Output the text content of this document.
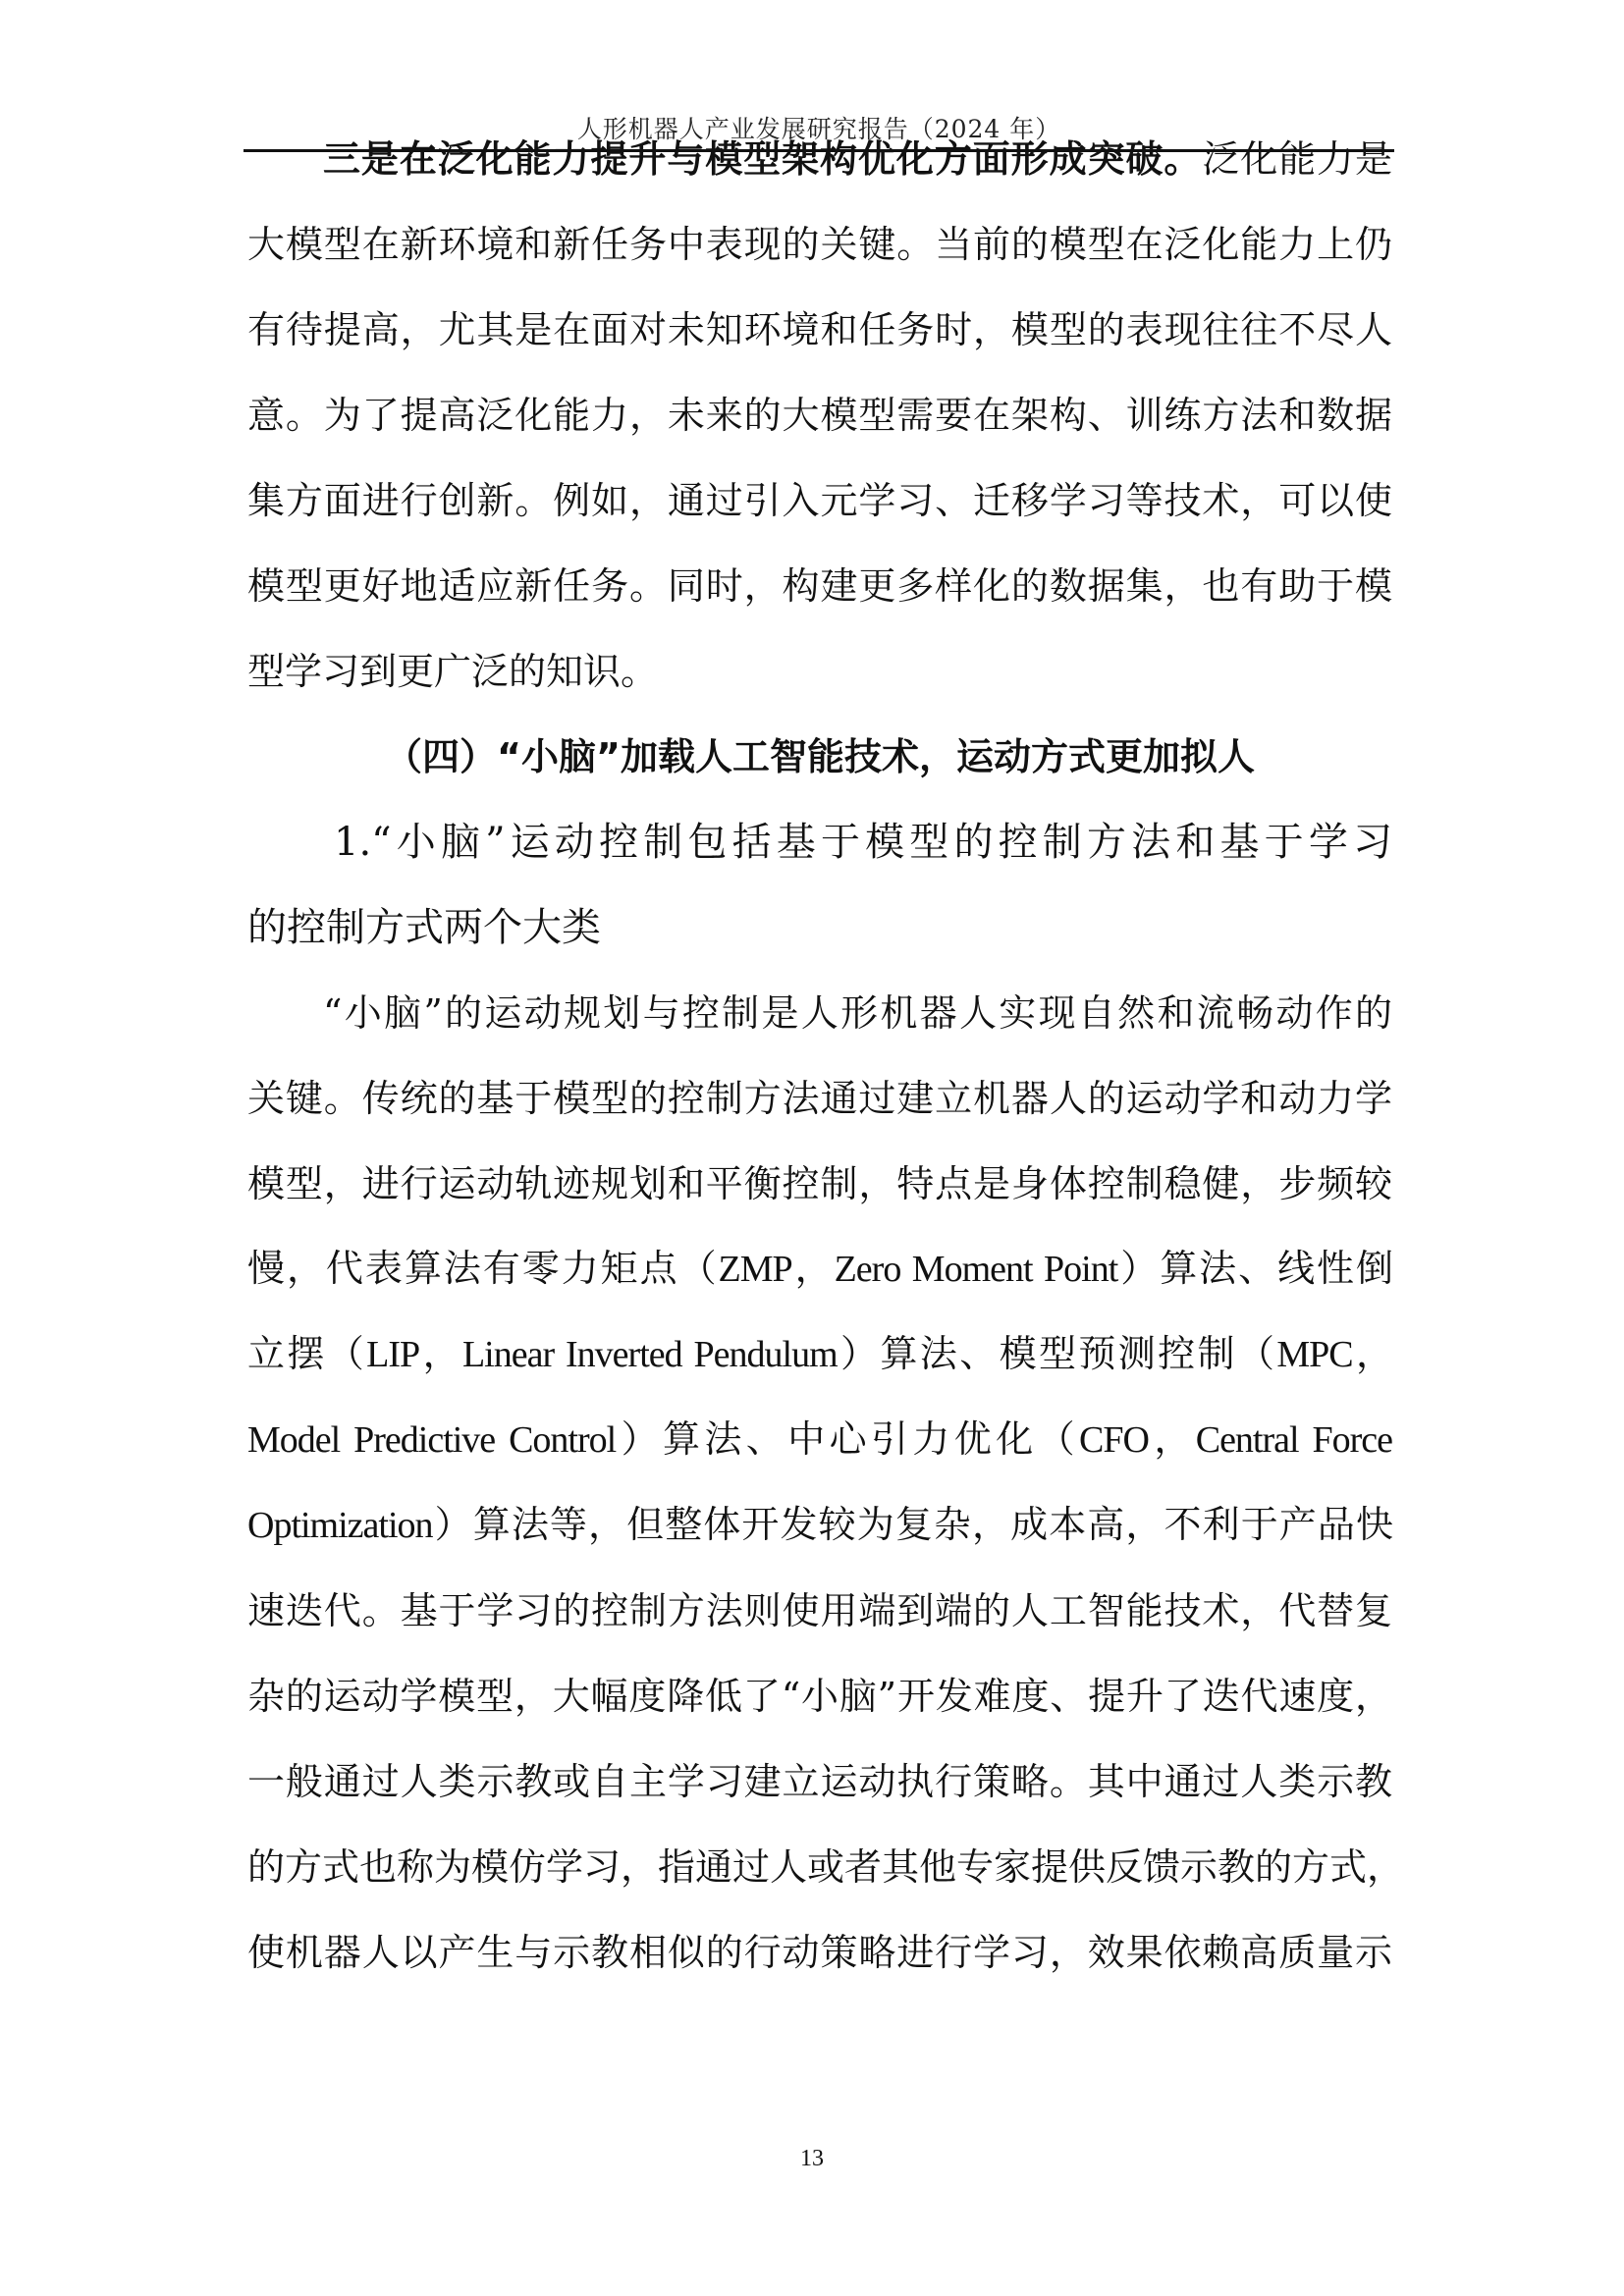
人形机器人产业发展研究报告（2024 年）
三是在泛化能力提升与模型架构优化方面形成突破。泛化能力是
大模型在新环境和新任务中表现的关键。当前的模型在泛化能力上仍
有待提高，尤其是在面对未知环境和任务时，模型的表现往往不尽人
意。为了提高泛化能力，未来的大模型需要在架构、训练方法和数据
集方面进行创新。例如，通过引入元学习、迁移学习等技术，可以使
模型更好地适应新任务。同时，构建更多样化的数据集，也有助于模
型学习到更广泛的知识。
（四）“小脑”加载人工智能技术，运动方式更加拟人
1.“小脑”运动控制包括基于模型的控制方法和基于学习
的控制方式两个大类
“小脑”的运动规划与控制是人形机器人实现自然和流畅动作的
关键。传统的基于模型的控制方法通过建立机器人的运动学和动力学
模型，进行运动轨迹规划和平衡控制，特点是身体控制稳健，步频较
慢，代表算法有零力矩点（ZMP，Zero Moment Point）算法、线性倒
立摆（LIP，Linear Inverted Pendulum）算法、模型预测控制（MPC，
Model Predictive Control）算法、中心引力优化（CFO，Central Force
Optimization）算法等，但整体开发较为复杂，成本高，不利于产品快
速迭代。基于学习的控制方法则使用端到端的人工智能技术，代替复
杂的运动学模型，大幅度降低了“小脑”开发难度、提升了迭代速度，
一般通过人类示教或自主学习建立运动执行策略。其中通过人类示教
的方式也称为模仿学习，指通过人或者其他专家提供反馈示教的方式，
使机器人以产生与示教相似的行动策略进行学习，效果依赖高质量示
13
